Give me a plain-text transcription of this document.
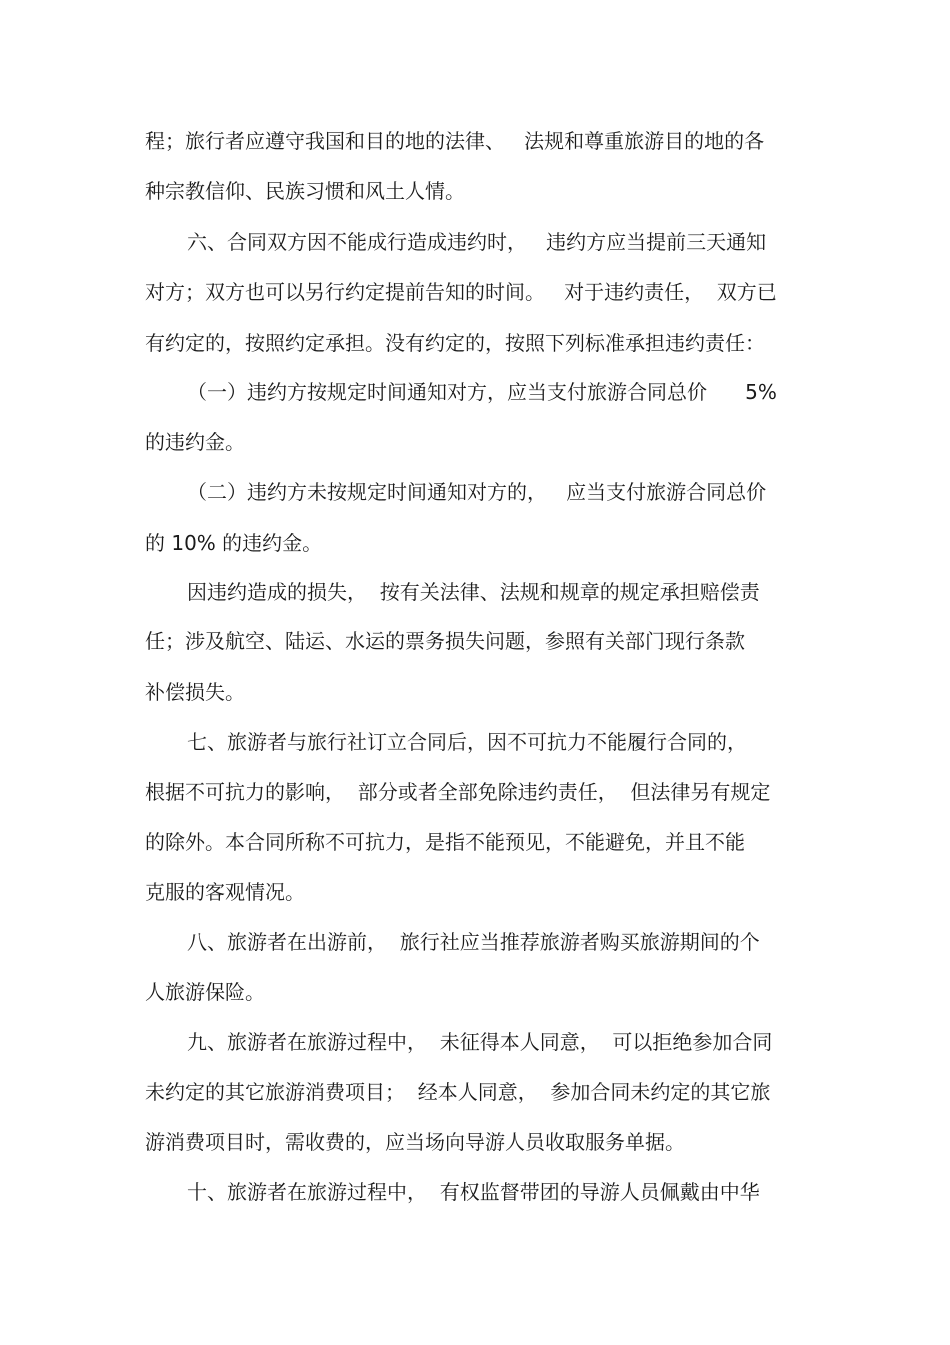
程；旅行者应遵守我国和目的地的法律、   法规和尊重旅游目的地的各
种宗教信仰、民族习惯和风土人情。
六、合同双方因不能成行造成违约时，   违约方应当提前三天通知
对方；双方也可以另行约定提前告知的时间。   对于违约责任，  双方已
有约定的，按照约定承担。没有约定的，按照下列标准承担违约责任：
（一）违约方按规定时间通知对方，应当支付旅游合同总价      5%
的违约金。
（二）违约方未按规定时间通知对方的，   应当支付旅游合同总价
的 10% 的违约金。
因违约造成的损失，  按有关法律、法规和规章的规定承担赔偿责
任；涉及航空、陆运、水运的票务损失问题，参照有关部门现行条款
补偿损失。
七、旅游者与旅行社订立合同后，因不可抗力不能履行合同的，
根据不可抗力的影响，  部分或者全部免除违约责任，  但法律另有规定
的除外。本合同所称不可抗力，是指不能预见，不能避免，并且不能
克服的客观情况。
八、旅游者在出游前，  旅行社应当推荐旅游者购买旅游期间的个
人旅游保险。
九、旅游者在旅游过程中，  未征得本人同意，  可以拒绝参加合同
未约定的其它旅游消费项目；  经本人同意，  参加合同未约定的其它旅
游消费项目时，需收费的，应当场向导游人员收取服务单据。
十、旅游者在旅游过程中，  有权监督带团的导游人员佩戴由中华
